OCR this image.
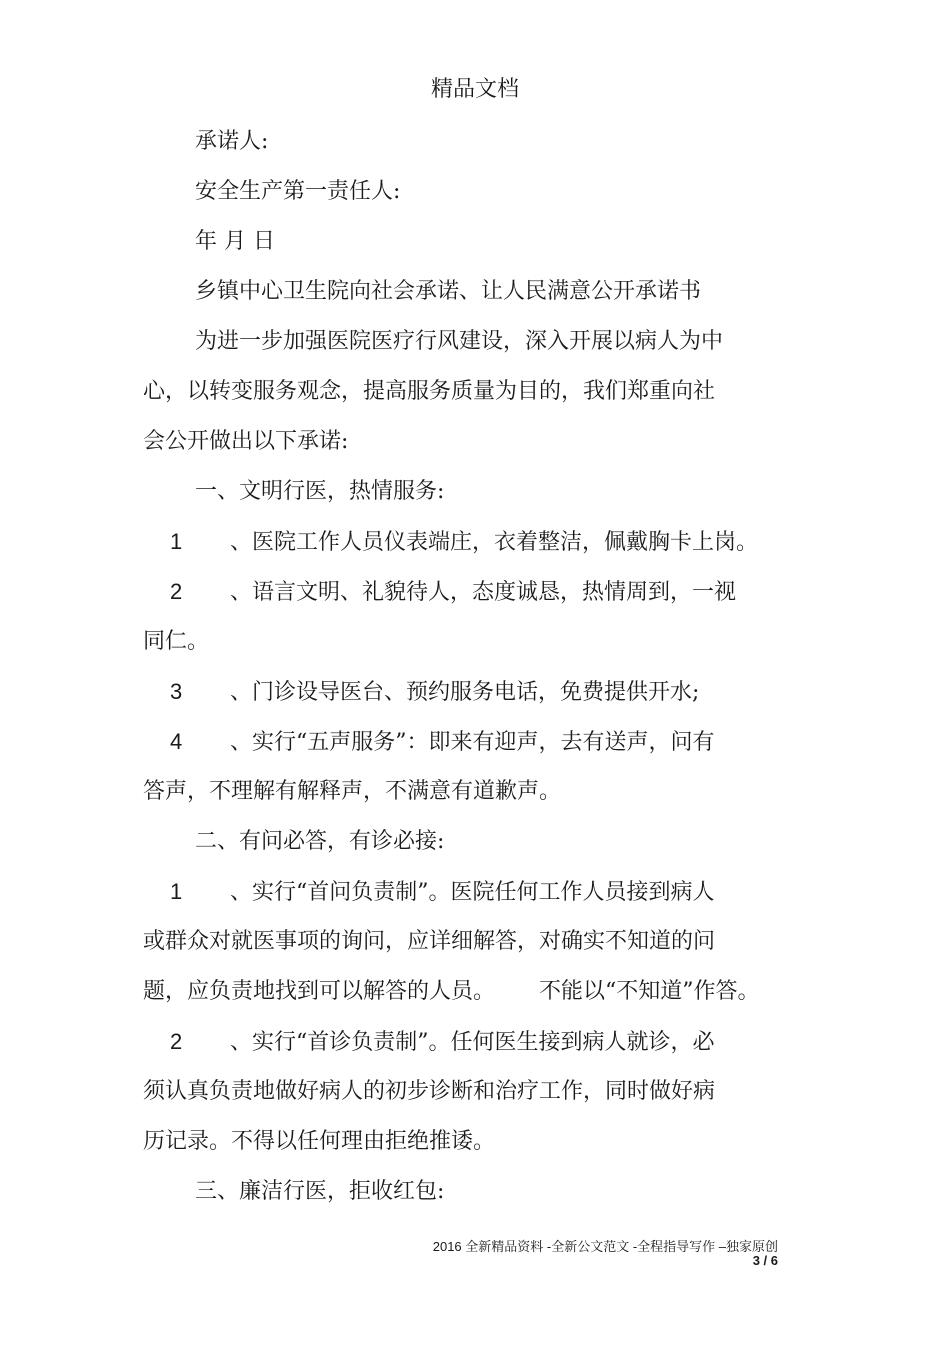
精品文档
承诺人:
安全生产第一责任人:
年 月 日
乡镇中心卫生院向社会承诺、让人民满意公开承诺书
为进一步加强医院医疗行风建设，深入开展以病人为中
心，以转变服务观念，提高服务质量为目的，我们郑重向社
会公开做出以下承诺:
一、文明行医，热情服务:
1 、医院工作人员仪表端庄，衣着整洁，佩戴胸卡上岗。
2 、语言文明、礼貌待人，态度诚恳，热情周到，一视
同仁。
3 、门诊设导医台、预约服务电话，免费提供开水;
4 、实行“五声服务”：即来有迎声，去有送声，问有
答声，不理解有解释声，不满意有道歉声。
二、有问必答，有诊必接:
1 、实行“首问负责制”。医院任何工作人员接到病人
或群众对就医事项的询问，应详细解答，对确实不知道的问
题，应负责地找到可以解答的人员。 不能以“不知道”作答。
2 、实行“首诊负责制”。任何医生接到病人就诊，必
须认真负责地做好病人的初步诊断和治疗工作，同时做好病
历记录。不得以任何理由拒绝推诿。
三、廉洁行医，拒收红包:
2016 全新精品资料 -全新公文范文 -全程指导写作 –独家原创
3 / 6
